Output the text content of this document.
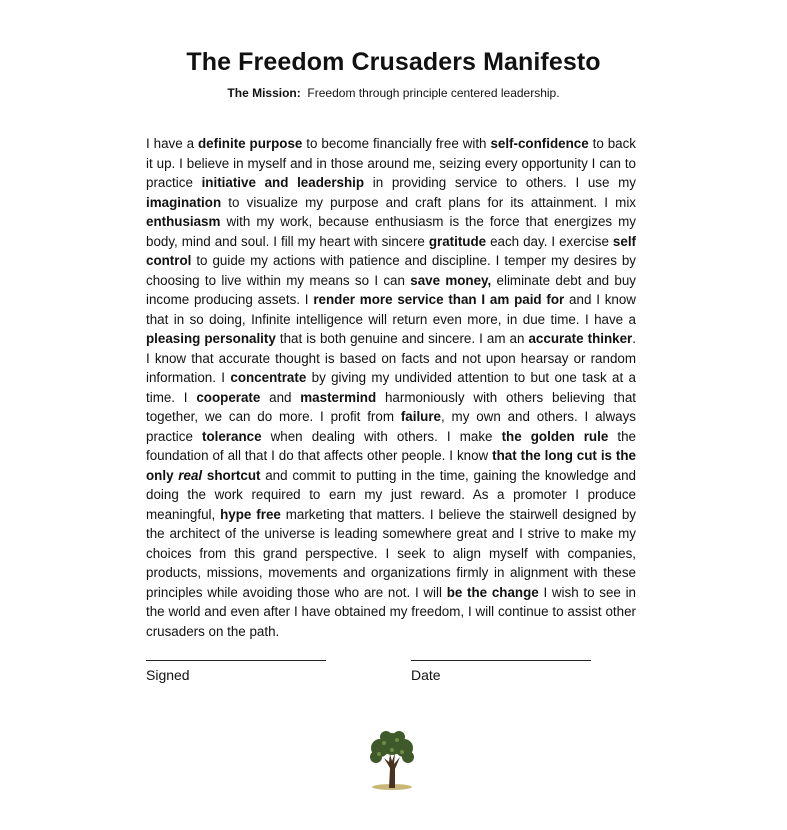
The Freedom Crusaders Manifesto
The Mission: Freedom through principle centered leadership.
I have a definite purpose to become financially free with self-confidence to back it up. I believe in myself and in those around me, seizing every opportunity I can to practice initiative and leadership in providing service to others. I use my imagination to visualize my purpose and craft plans for its attainment. I mix enthusiasm with my work, because enthusiasm is the force that energizes my body, mind and soul. I fill my heart with sincere gratitude each day. I exercise self control to guide my actions with patience and discipline. I temper my desires by choosing to live within my means so I can save money, eliminate debt and buy income producing assets. I render more service than I am paid for and I know that in so doing, Infinite intelligence will return even more, in due time. I have a pleasing personality that is both genuine and sincere. I am an accurate thinker. I know that accurate thought is based on facts and not upon hearsay or random information. I concentrate by giving my undivided attention to but one task at a time. I cooperate and mastermind harmoniously with others believing that together, we can do more. I profit from failure, my own and others. I always practice tolerance when dealing with others. I make the golden rule the foundation of all that I do that affects other people. I know that the long cut is the only real shortcut and commit to putting in the time, gaining the knowledge and doing the work required to earn my just reward. As a promoter I produce meaningful, hype free marketing that matters. I believe the stairwell designed by the architect of the universe is leading somewhere great and I strive to make my choices from this grand perspective. I seek to align myself with companies, products, missions, movements and organizations firmly in alignment with these principles while avoiding those who are not. I will be the change I wish to see in the world and even after I have obtained my freedom, I will continue to assist other crusaders on the path.
Signed	Date
